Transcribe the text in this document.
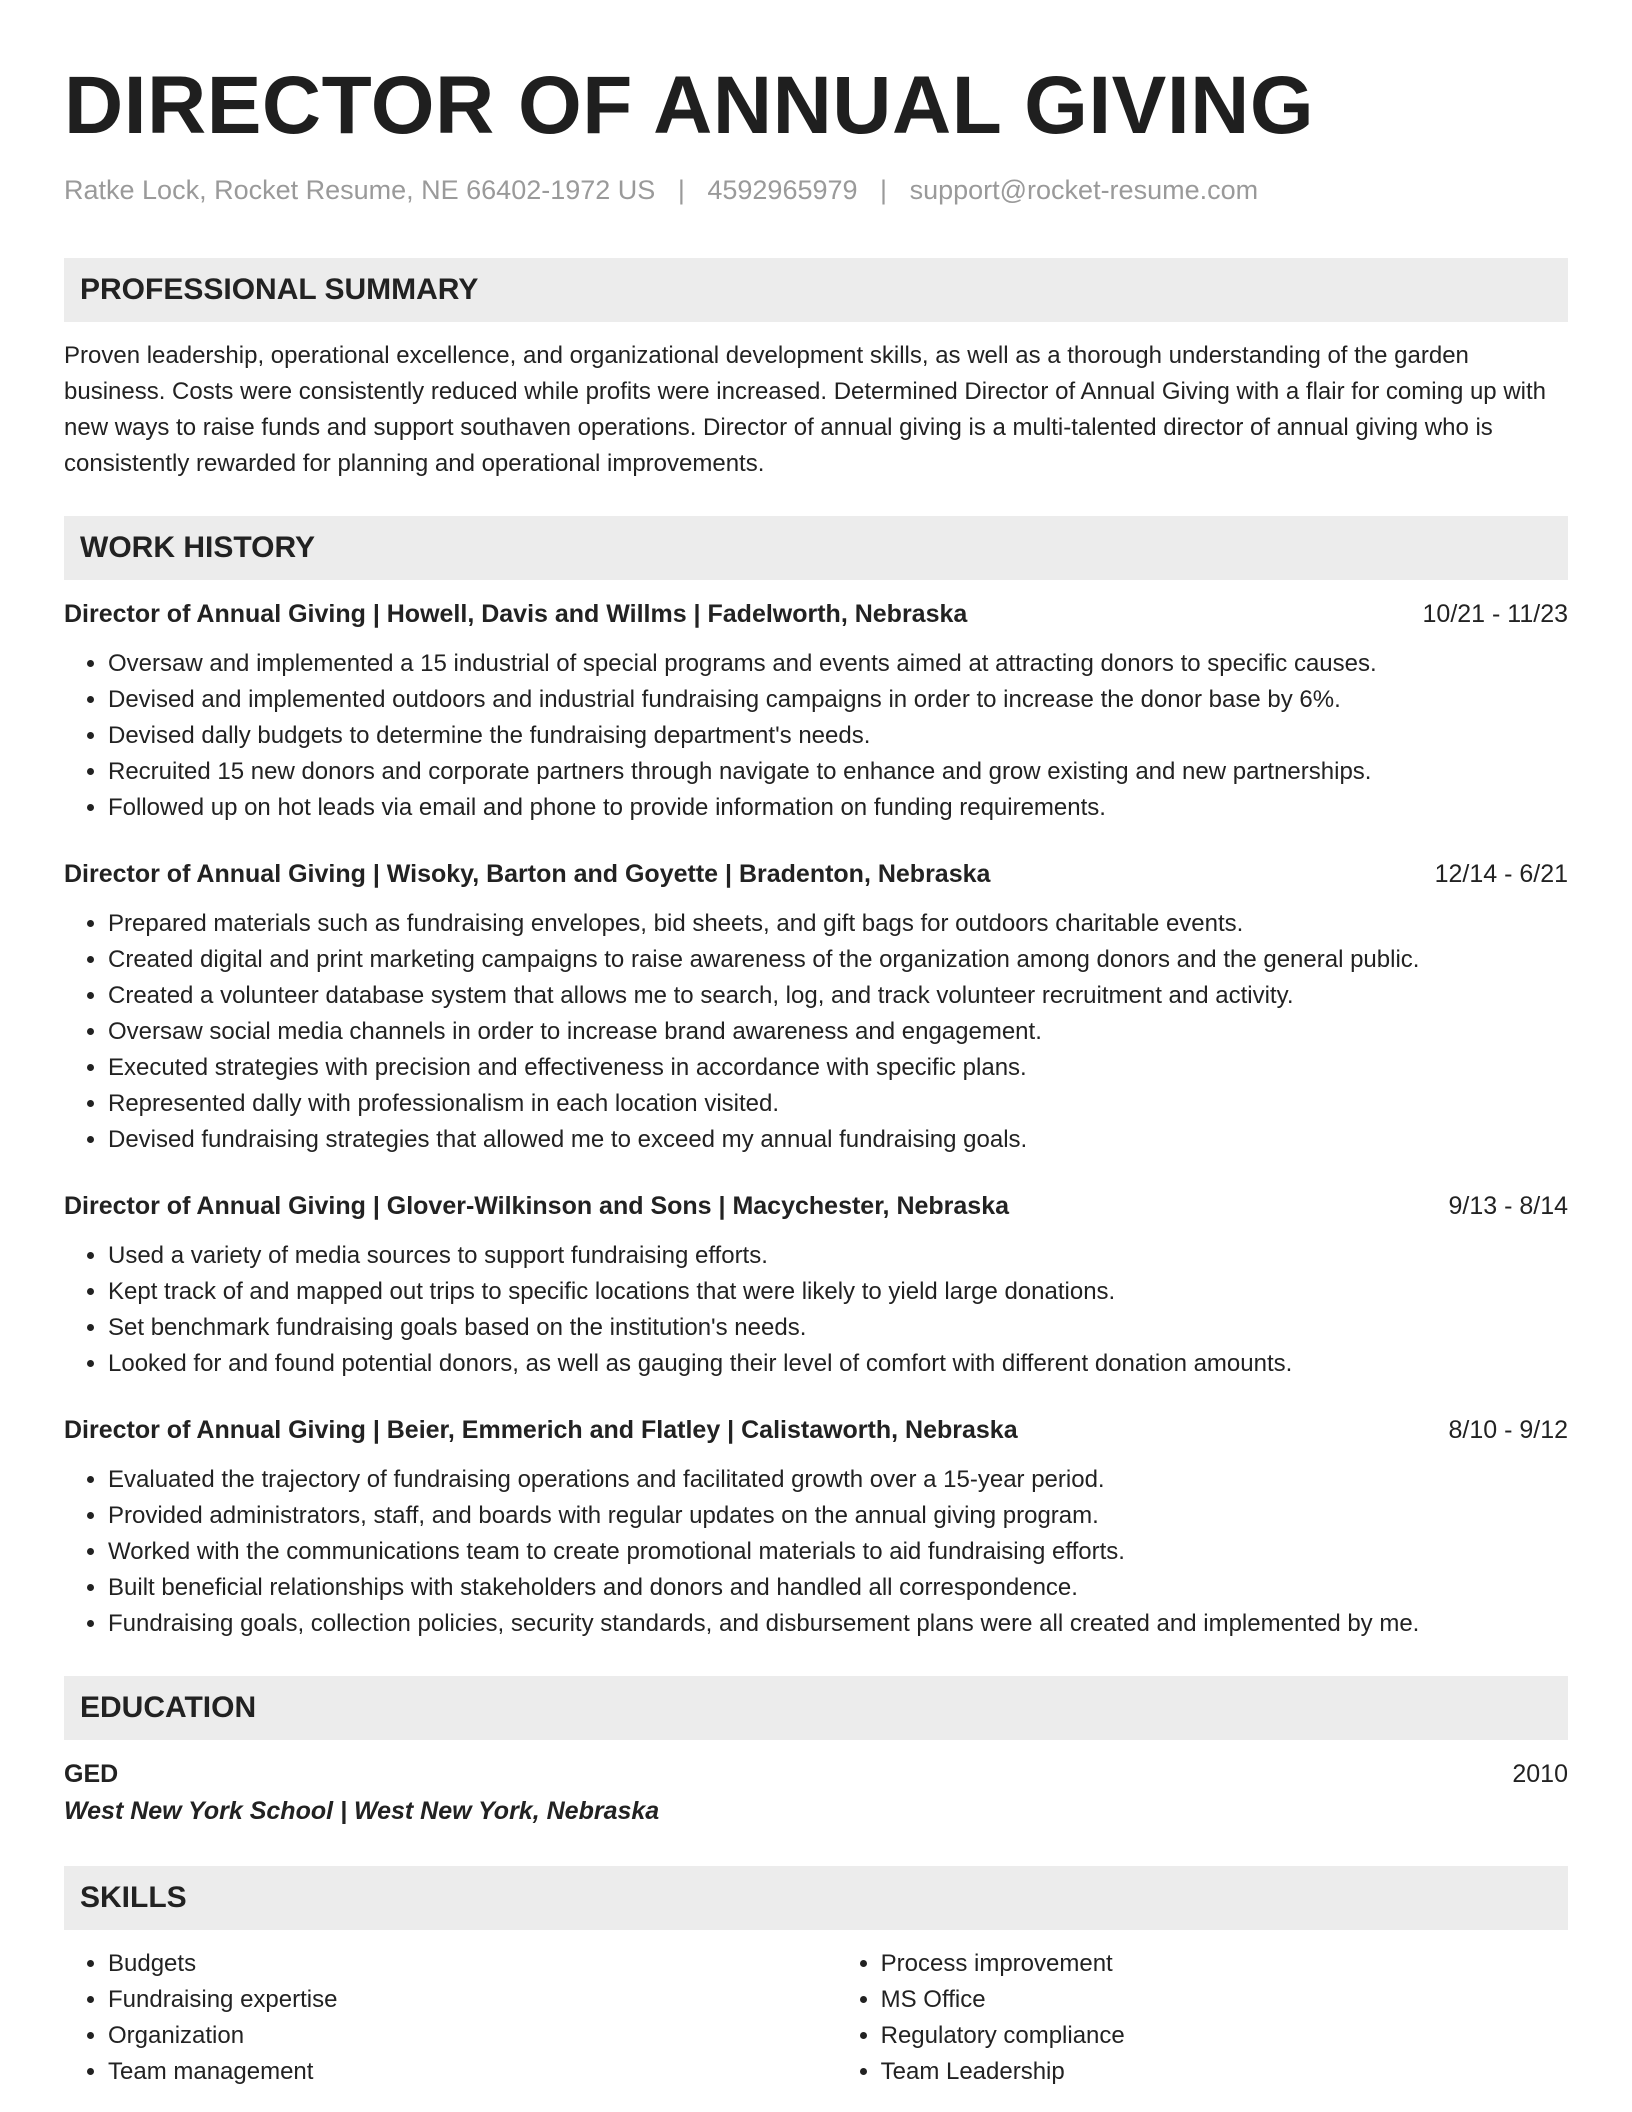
DIRECTOR OF ANNUAL GIVING
Ratke Lock, Rocket Resume, NE 66402-1972 US | 4592965979 | support@rocket-resume.com
PROFESSIONAL SUMMARY
Proven leadership, operational excellence, and organizational development skills, as well as a thorough understanding of the garden business. Costs were consistently reduced while profits were increased. Determined Director of Annual Giving with a flair for coming up with new ways to raise funds and support southaven operations. Director of annual giving is a multi-talented director of annual giving who is consistently rewarded for planning and operational improvements.
WORK HISTORY
Director of Annual Giving | Howell, Davis and Willms | Fadelworth, Nebraska	10/21 - 11/23
• Oversaw and implemented a 15 industrial of special programs and events aimed at attracting donors to specific causes.
• Devised and implemented outdoors and industrial fundraising campaigns in order to increase the donor base by 6%.
• Devised dally budgets to determine the fundraising department's needs.
• Recruited 15 new donors and corporate partners through navigate to enhance and grow existing and new partnerships.
• Followed up on hot leads via email and phone to provide information on funding requirements.
Director of Annual Giving | Wisoky, Barton and Goyette | Bradenton, Nebraska	12/14 - 6/21
• Prepared materials such as fundraising envelopes, bid sheets, and gift bags for outdoors charitable events.
• Created digital and print marketing campaigns to raise awareness of the organization among donors and the general public.
• Created a volunteer database system that allows me to search, log, and track volunteer recruitment and activity.
• Oversaw social media channels in order to increase brand awareness and engagement.
• Executed strategies with precision and effectiveness in accordance with specific plans.
• Represented dally with professionalism in each location visited.
• Devised fundraising strategies that allowed me to exceed my annual fundraising goals.
Director of Annual Giving | Glover-Wilkinson and Sons | Macychester, Nebraska	9/13 - 8/14
• Used a variety of media sources to support fundraising efforts.
• Kept track of and mapped out trips to specific locations that were likely to yield large donations.
• Set benchmark fundraising goals based on the institution's needs.
• Looked for and found potential donors, as well as gauging their level of comfort with different donation amounts.
Director of Annual Giving | Beier, Emmerich and Flatley | Calistaworth, Nebraska	8/10 - 9/12
• Evaluated the trajectory of fundraising operations and facilitated growth over a 15-year period.
• Provided administrators, staff, and boards with regular updates on the annual giving program.
• Worked with the communications team to create promotional materials to aid fundraising efforts.
• Built beneficial relationships with stakeholders and donors and handled all correspondence.
• Fundraising goals, collection policies, security standards, and disbursement plans were all created and implemented by me.
EDUCATION
GED	2010
West New York School | West New York, Nebraska
SKILLS
• Budgets
• Fundraising expertise
• Organization
• Team management
• Process improvement
• MS Office
• Regulatory compliance
• Team Leadership
